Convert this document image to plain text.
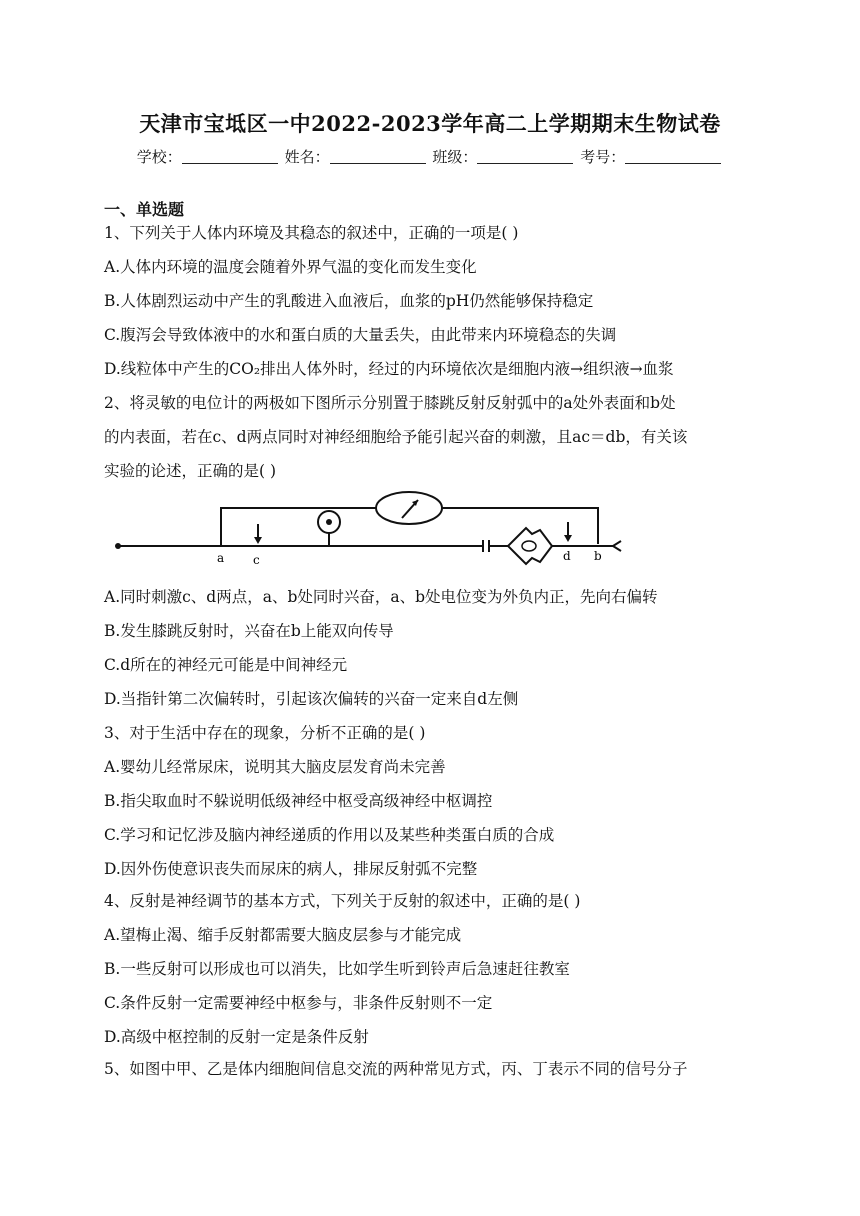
天津市宝坻区一中2022-2023学年高二上学期期末生物试卷
学校：	姓名：	班级：	考号：
一、单选题
1、下列关于人体内环境及其稳态的叙述中，正确的一项是( )
A.人体内环境的温度会随着外界气温的变化而发生变化
B.人体剧烈运动中产生的乳酸进入血液后，血浆的pH仍然能够保持稳定
C.腹泻会导致体液中的水和蛋白质的大量丢失，由此带来内环境稳态的失调
D.线粒体中产生的CO₂排出人体外时，经过的内环境依次是细胞内液→组织液→血浆
2、将灵敏的电位计的两极如下图所示分别置于膝跳反射反射弧中的a处外表面和b处
的内表面，若在c、d两点同时对神经细胞给予能引起兴奋的刺激，且ac＝db，有关该
实验的论述，正确的是( )
a c	d b
A.同时刺激c、d两点，a、b处同时兴奋，a、b处电位变为外负内正，先向右偏转
B.发生膝跳反射时，兴奋在b上能双向传导
C.d所在的神经元可能是中间神经元
D.当指针第二次偏转时，引起该次偏转的兴奋一定来自d左侧
3、对于生活中存在的现象，分析不正确的是( )
A.婴幼儿经常尿床，说明其大脑皮层发育尚未完善
B.指尖取血时不躲说明低级神经中枢受高级神经中枢调控
C.学习和记忆涉及脑内神经递质的作用以及某些种类蛋白质的合成
D.因外伤使意识丧失而尿床的病人，排尿反射弧不完整
4、反射是神经调节的基本方式，下列关于反射的叙述中，正确的是( )
A.望梅止渴、缩手反射都需要大脑皮层参与才能完成
B.一些反射可以形成也可以消失，比如学生听到铃声后急速赶往教室
C.条件反射一定需要神经中枢参与，非条件反射则不一定
D.高级中枢控制的反射一定是条件反射
5、如图中甲、乙是体内细胞间信息交流的两种常见方式，丙、丁表示不同的信号分子
